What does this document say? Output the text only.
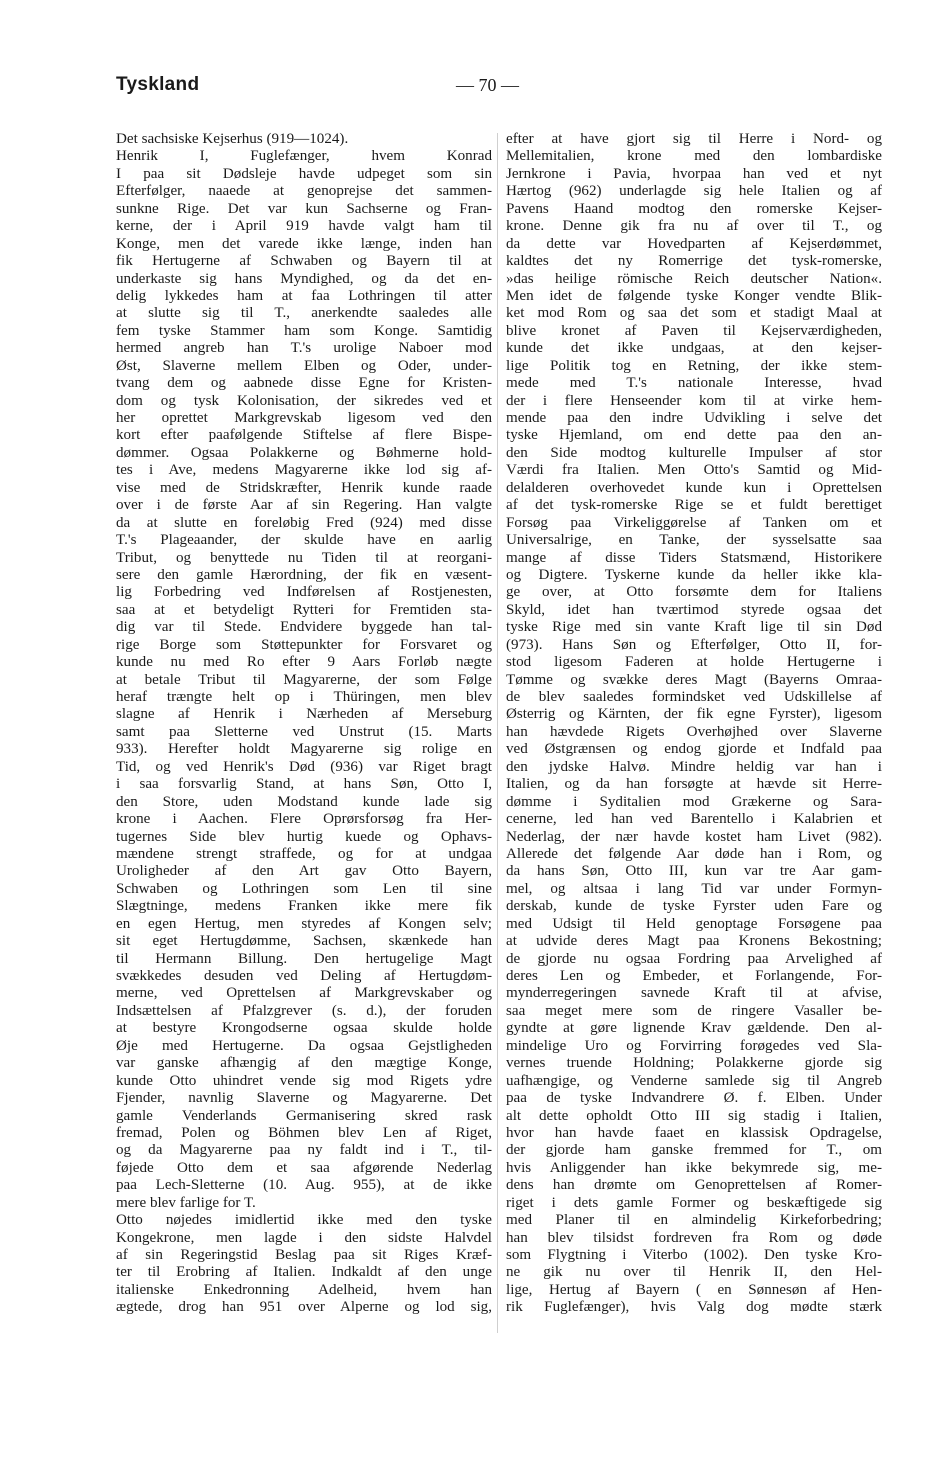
Tyskland	— 70 —
Det sachsiske Kejserhus (919—1024).
Henrik I, Fuglefænger, hvem Konrad
I paa sit Dødsleje havde udpeget som sin
Efterfølger, naaede at genoprejse det sammen-
sunkne Rige. Det var kun Sachserne og Fran-
kerne, der i April 919 havde valgt ham til
Konge, men det varede ikke længe, inden han
fik Hertugerne af Schwaben og Bayern til at
underkaste sig hans Myndighed, og da det en-
delig lykkedes ham at faa Lothringen til atter
at slutte sig til T., anerkendte saaledes alle
fem tyske Stammer ham som Konge. Samtidig
hermed angreb han T.'s urolige Naboer mod
Øst, Slaverne mellem Elben og Oder, under-
tvang dem og aabnede disse Egne for Kristen-
dom og tysk Kolonisation, der sikredes ved et
her oprettet Markgrevskab ligesom ved den
kort efter paafølgende Stiftelse af flere Bispe-
dømmer. Ogsaa Polakkerne og Bøhmerne hold-
tes i Ave, medens Magyarerne ikke lod sig af-
vise med de Stridskræfter, Henrik kunde raade
over i de første Aar af sin Regering. Han valgte
da at slutte en foreløbig Fred (924) med disse
T.'s Plageaander, der skulde have en aarlig
Tribut, og benyttede nu Tiden til at reorgani-
sere den gamle Hærordning, der fik en væsent-
lig Forbedring ved Indførelsen af Rostjenesten,
saa at et betydeligt Rytteri for Fremtiden sta-
dig var til Stede. Endvidere byggede han tal-
rige Borge som Støttepunkter for Forsvaret og
kunde nu med Ro efter 9 Aars Forløb nægte
at betale Tribut til Magyarerne, der som Følge
heraf trængte helt op i Thüringen, men blev
slagne af Henrik i Nærheden af Merseburg
samt paa Sletterne ved Unstrut (15. Marts
933). Herefter holdt Magyarerne sig rolige en
Tid, og ved Henrik's Død (936) var Riget bragt
i saa forsvarlig Stand, at hans Søn, Otto I,
den Store, uden Modstand kunde lade sig
krone i Aachen. Flere Oprørsforsøg fra Her-
tugernes Side blev hurtig kuede og Ophavs-
mændene strengt straffede, og for at undgaa
Uroligheder af den Art gav Otto Bayern,
Schwaben og Lothringen som Len til sine
Slægtninge, medens Franken ikke mere fik
en egen Hertug, men styredes af Kongen selv;
sit eget Hertugdømme, Sachsen, skænkede han
til Hermann Billung. Den hertugelige Magt
svækkedes desuden ved Deling af Hertugdøm-
merne, ved Oprettelsen af Markgrevskaber og
Indsættelsen af Pfalzgrever (s. d.), der foruden
at bestyre Krongodserne ogsaa skulde holde
Øje med Hertugerne. Da ogsaa Gejstligheden
var ganske afhængig af den mægtige Konge,
kunde Otto uhindret vende sig mod Rigets ydre
Fjender, navnlig Slaverne og Magyarerne. Det
gamle Venderlands Germanisering skred rask
fremad, Polen og Böhmen blev Len af Riget,
og da Magyarerne paa ny faldt ind i T., til-
føjede Otto dem et saa afgørende Nederlag
paa Lech-Sletterne (10. Aug. 955), at de ikke
mere blev farlige for T.
Otto nøjedes imidlertid ikke med den tyske
Kongekrone, men lagde i den sidste Halvdel
af sin Regeringstid Beslag paa sit Riges Kræf-
ter til Erobring af Italien. Indkaldt af den unge
italienske Enkedronning Adelheid, hvem han
ægtede, drog han 951 over Alperne og lod sig,
efter at have gjort sig til Herre i Nord- og
Mellemitalien, krone med den lombardiske
Jernkrone i Pavia, hvorpaa han ved et nyt
Hærtog (962) underlagde sig hele Italien og af
Pavens Haand modtog den romerske Kejser-
krone. Denne gik fra nu af over til T., og
da dette var Hovedparten af Kejserdømmet,
kaldtes det ny Romerrige det tysk-romerske,
»das heilige römische Reich deutscher Nation«.
Men idet de følgende tyske Konger vendte Blik-
ket mod Rom og saa det som et stadigt Maal at
blive kronet af Paven til Kejserværdigheden,
kunde det ikke undgaas, at den kejser-
lige Politik tog en Retning, der ikke stem-
mede med T.'s nationale Interesse, hvad
der i flere Henseender kom til at virke hem-
mende paa den indre Udvikling i selve det
tyske Hjemland, om end dette paa den an-
den Side modtog kulturelle Impulser af stor
Værdi fra Italien. Men Otto's Samtid og Mid-
delalderen overhovedet kunde kun i Oprettelsen
af det tysk-romerske Rige se et fuldt berettiget
Forsøg paa Virkeliggørelse af Tanken om et
Universalrige, en Tanke, der sysselsatte saa
mange af disse Tiders Statsmænd, Historikere
og Digtere. Tyskerne kunde da heller ikke kla-
ge over, at Otto forsømte dem for Italiens
Skyld, idet han tværtimod styrede ogsaa det
tyske Rige med sin vante Kraft lige til sin Død
(973). Hans Søn og Efterfølger, Otto II, for-
stod ligesom Faderen at holde Hertugerne i
Tømme og svække deres Magt (Bayerns Omraa-
de blev saaledes formindsket ved Udskillelse af
Østerrig og Kärnten, der fik egne Fyrster), ligesom
han hævdede Rigets Overhøjhed over Slaverne
ved Østgrænsen og endog gjorde et Indfald paa
den jydske Halvø. Mindre heldig var han i
Italien, og da han forsøgte at hævde sit Herre-
dømme i Syditalien mod Grækerne og Sara-
cenerne, led han ved Barentello i Kalabrien et
Nederlag, der nær havde kostet ham Livet (982).
Allerede det følgende Aar døde han i Rom, og
da hans Søn, Otto III, kun var tre Aar gam-
mel, og altsaa i lang Tid var under Formyn-
derskab, kunde de tyske Fyrster uden Fare og
med Udsigt til Held genoptage Forsøgene paa
at udvide deres Magt paa Kronens Bekostning;
de gjorde nu ogsaa Fordring paa Arvelighed af
deres Len og Embeder, et Forlangende, For-
mynderregeringen savnede Kraft til at afvise,
saa meget mere som de ringere Vasaller be-
gyndte at gøre lignende Krav gældende. Den al-
mindelige Uro og Forvirring forøgedes ved Sla-
vernes truende Holdning; Polakkerne gjorde sig
uafhængige, og Venderne samlede sig til Angreb
paa de tyske Indvandrere Ø. f. Elben. Under
alt dette opholdt Otto III sig stadig i Italien,
hvor han havde faaet en klassisk Opdragelse,
der gjorde ham ganske fremmed for T., om
hvis Anliggender han ikke bekymrede sig, me-
dens han drømte om Genoprettelsen af Romer-
riget i dets gamle Former og beskæftigede sig
med Planer til en almindelig Kirkeforbedring;
han blev tilsidst fordreven fra Rom og døde
som Flygtning i Viterbo (1002). Den tyske Kro-
ne gik nu over til Henrik II, den Hel-
lige, Hertug af Bayern ( en Sønnesøn af Hen-
rik Fuglefænger), hvis Valg dog mødte stærk
